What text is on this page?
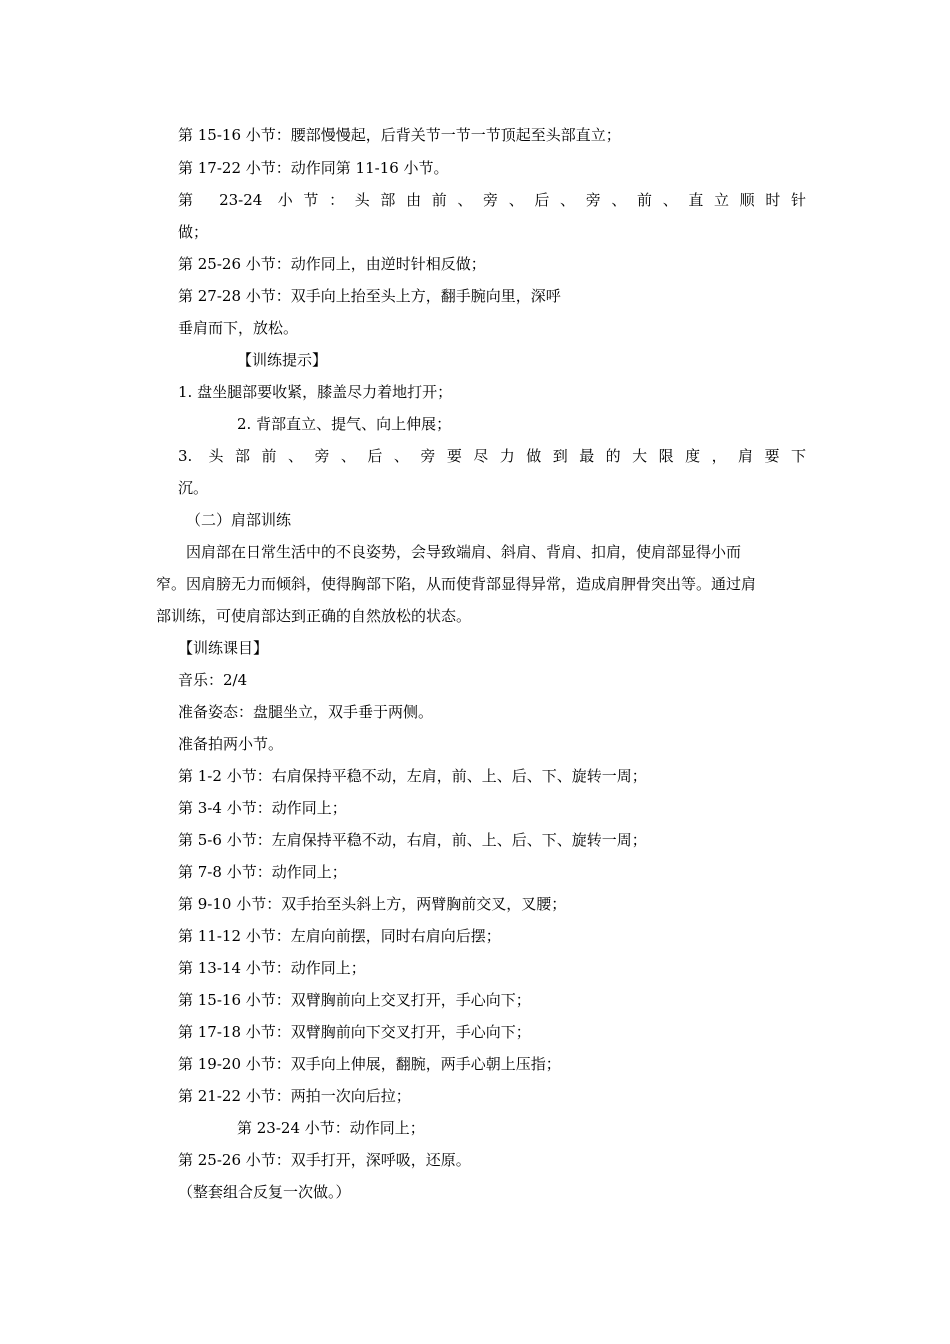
第 15-16 小节：腰部慢慢起，后背关节一节一节顶起至头部直立；
第 17-22 小节：动作同第 11-16 小节。
第 23-24 小节：头部由前、旁、后、旁、前、直立顺时针
做；
第 25-26 小节：动作同上，由逆时针相反做；
第 27-28 小节：双手向上抬至头上方，翻手腕向里，深呼
垂肩而下，放松。
【训练提示】
1. 盘坐腿部要收紧，膝盖尽力着地打开；
2. 背部直立、提气、向上伸展；
3. 头部前、旁、后、旁要尽力做到最的大限度，肩要下
沉。
（二）肩部训练
因肩部在日常生活中的不良姿势，会导致端肩、斜肩、背肩、扣肩，使肩部显得小而
窄。因肩膀无力而倾斜，使得胸部下陷，从而使背部显得异常，造成肩胛骨突出等。通过肩
部训练，可使肩部达到正确的自然放松的状态。
【训练课目】
音乐：2/4
准备姿态：盘腿坐立，双手垂于两侧。
准备拍两小节。
第 1-2 小节：右肩保持平稳不动，左肩，前、上、后、下、旋转一周；
第 3-4 小节：动作同上；
第 5-6 小节：左肩保持平稳不动，右肩，前、上、后、下、旋转一周；
第 7-8 小节：动作同上；
第 9-10 小节：双手抬至头斜上方，两臂胸前交叉，叉腰；
第 11-12 小节：左肩向前摆，同时右肩向后摆；
第 13-14 小节：动作同上；
第 15-16 小节：双臂胸前向上交叉打开，手心向下；
第 17-18 小节：双臂胸前向下交叉打开，手心向下；
第 19-20 小节：双手向上伸展，翻腕，两手心朝上压指；
第 21-22 小节：两拍一次向后拉；
第 23-24 小节：动作同上；
第 25-26 小节：双手打开，深呼吸，还原。
（整套组合反复一次做。）
